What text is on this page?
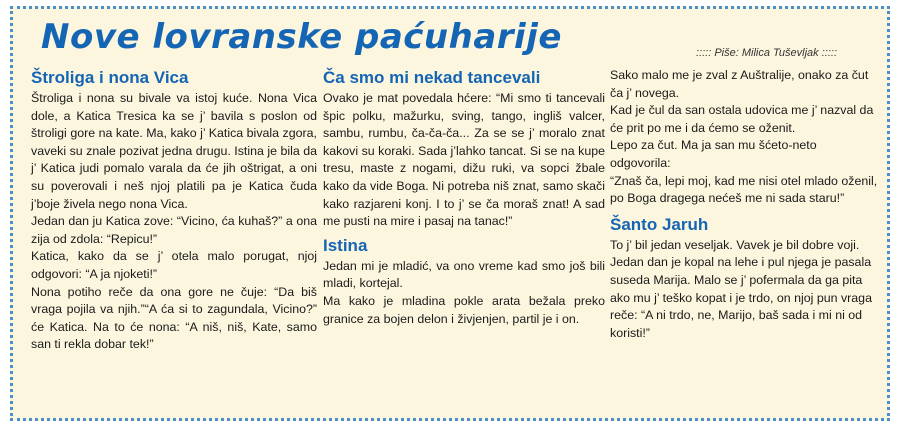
Nove lovranske paćuharije	::::: Piše: Milica Tuševljak :::::
Štroliga i nona Vica

Štroliga i nona su bivale va istoj kuće. Nona Vica dole, a Katica Tresica ka se j’ bavila s poslon od štroligi gore na kate. Ma, kako j’ Katica bivala zgora, vaveki su znale pozivat jedna drugu. Istina je bila da j’ Katica judi pomalo varala da će jih oštrigat, a oni su poverovali i neš njoj platili pa je Katica čuda j’boje živela nego nona Vica.

Jedan dan ju Katica zove: “Vicino, ća kuhaš?” a ona zija od zdola: “Repicu!”

Katica, kako da se j’ otela malo porugat, njoj odgovori: “A ja njoketi!”

Nona potiho reče da ona gore ne čuje: “Da biš vraga pojila va njih.”“A ća si to zagundala, Vicino?” će Katica. Na to će nona: “A niš, niš, Kate, samo san ti rekla dobar tek!”

Ča smo mi nekad tancevali

Ovako je mat povedala hćere: “Mi smo ti tancevali špic polku, mažurku, sving, tango, ingliš valcer, sambu, rumbu, ča-ča-ča... Za se se j’ moralo znat kakovi su koraki. Sada j’lahko tancat. Si se na kupe tresu, maste z nogami, dižu ruki, va sopci žbale kako da vide Boga. Ni potreba niš znat, samo skači kako razjareni konj. I to j’ se ča moraš znat! A sad me pusti na mire i pasaj na tanac!”

Istina

Jedan mi je mladić, va ono vreme kad smo još bili mladi, kortejal.

Ma kako je mladina pokle arata bežala preko granice za bojen delon i živjenjen, partil je i on.

Sako malo me je zval z Auštralije, onako za čut ča j’ novega.

Kad je čul da san ostala udovica me j’ nazval da će prit po me i da ćemo se oženit.

Lepo za čut. Ma ja san mu šćeto-neto odgovorila:

“Znaš ča, lepi moj, kad me nisi otel mlado oženil, po Boga dragega nećeš me ni sada staru!”

Šanto Jaruh

To j’ bil jedan veseljak. Vavek je bil dobre voji. Jedan dan je kopal na lehe i pul njega je pasala suseda Marija. Malo se j’ pofermala da ga pita ako mu j’ teško kopat i je trdo, on njoj pun vraga reče: “A ni trdo, ne, Marijo, baš sada i mi ni od koristi!”
